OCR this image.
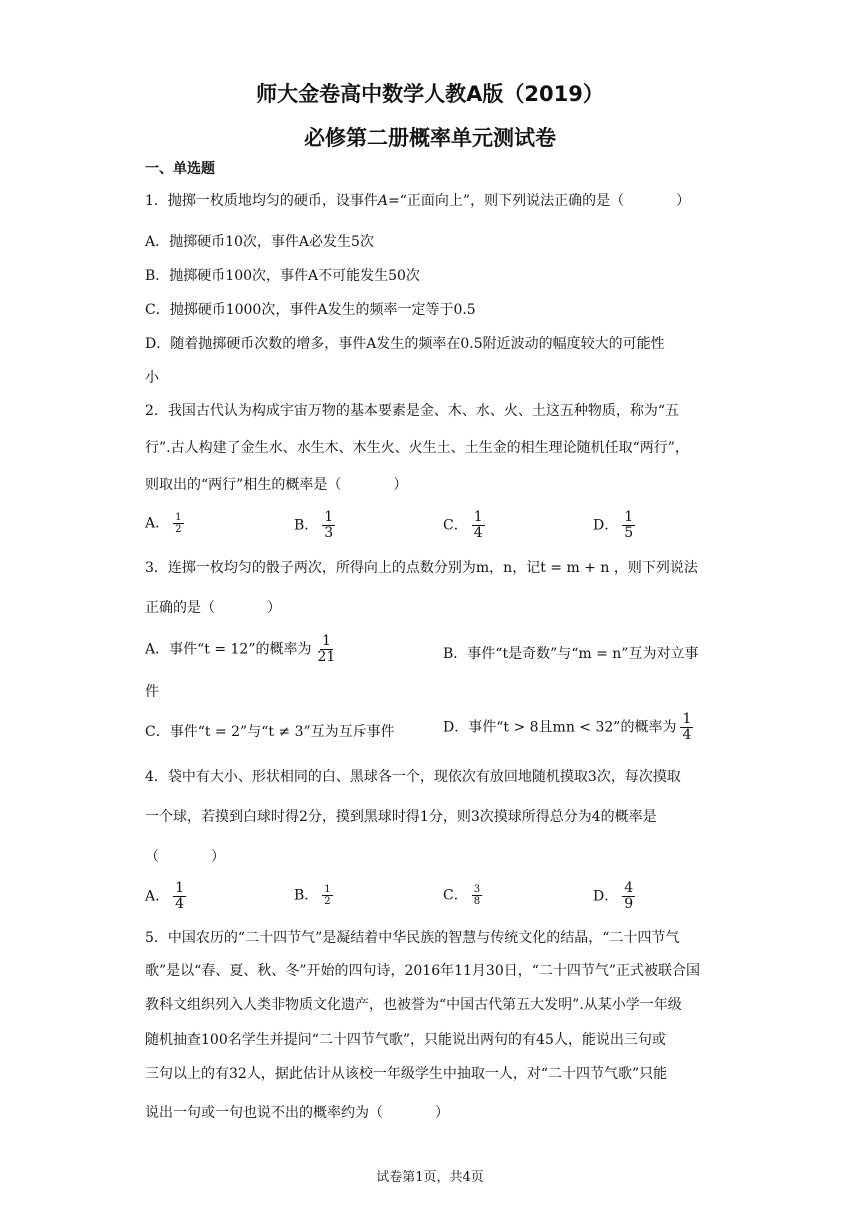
师大金卷高中数学人教A版（2019）
必修第二册概率单元测试卷
一、单选题
1．抛掷一枚质地均匀的硬币，设事件A=“正面向上”，则下列说法正确的是（	）
A．抛掷硬币10次，事件A必发生5次
B．抛掷硬币100次，事件A不可能发生50次
C．抛掷硬币1000次，事件A发生的频率一定等于0.5
D．随着抛掷硬币次数的增多，事件A发生的频率在0.5附近波动的幅度较大的可能性
小
2．我国古代认为构成宇宙万物的基本要素是金、木、水、火、土这五种物质，称为“五
行”.古人构建了金生水、水生木、木生火、火生土、土生金的相生理论随机任取“两行”，
则取出的“两行”相生的概率是（	）
A． $\frac{1}{2}$	B． $\frac{1}{3}$	C． $\frac{1}{4}$	D． $\frac{1}{5}$
3．连掷一枚均匀的骰子两次，所得向上的点数分别为m，n，记t = m + n ，则下列说法
正确的是（	）
A．事件“t = 12”的概率为 $\frac{1}{21}$	B．事件“t是奇数”与“m = n”互为对立事
件
C．事件“t = 2”与“t ≠ 3”互为互斥事件	D．事件“t > 8且mn < 32”的概率为 $\frac{1}{4}$
4．袋中有大小、形状相同的白、黑球各一个，现依次有放回地随机摸取3次，每次摸取
一个球，若摸到白球时得2分，摸到黑球时得1分，则3次摸球所得总分为4的概率是
（	）
A． $\frac{1}{4}$	B． $\frac{1}{2}$	C． $\frac{3}{8}$	D． $\frac{4}{9}$
5．中国农历的“二十四节气”是凝结着中华民族的智慧与传统文化的结晶，“二十四节气
歌”是以“春、夏、秋、冬”开始的四句诗，2016年11月30日，“二十四节气”正式被联合国
教科文组织列入人类非物质文化遗产，也被誉为“中国古代第五大发明”.从某小学一年级
随机抽查100名学生并提问“二十四节气歌”，只能说出两句的有45人，能说出三句或
三句以上的有32人，据此估计从该校一年级学生中抽取一人，对“二十四节气歌”只能
说出一句或一句也说不出的概率约为（	）
试卷第1页，共4页
